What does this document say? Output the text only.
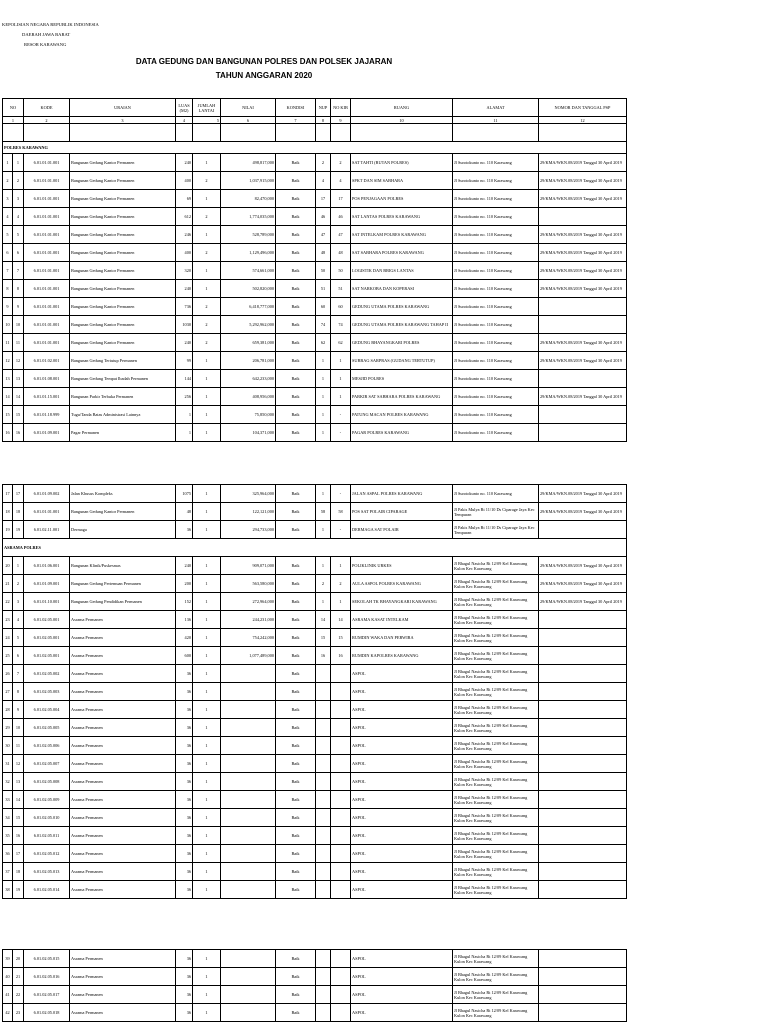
KEPOLISIAN NEGARA REPUBLIK INDONESIA
DAERAH JAWA BARAT
RESOR KARAWANG
DATA GEDUNG DAN BANGUNAN POLRES DAN POLSEK JAJARAN
TAHUN ANGGARAN 2020
NO		KODE	URAIAN	LUAS (M2)	JUMLAH LANTAI	NILAI	KONDISI	NUP	NO KIB	RUANG	ALAMAT	NOMOR DAN TANGGAL PSP
1		2	3	4	5	6	7	8	9	10	11	12

POLRES KARAWANG												
1	1	6.01.01.01.001	Bangunan Gedung Kantor Permanen	240	1	498,817,000	Baik	2	2	SAT TAHTI (RUTAN POLRES)	Jl Surotokunto no. 110 Karawang	29/KMA/WKN.08/2019 Tanggal 30 April 2019
2	2	6.01.01.01.001	Bangunan Gedung Kantor Permanen	400	2	1,037,915,000	Baik	4	4	SPKT DAN SIM SABHARA	Jl Surotokunto no. 110 Karawang	29/KMA/WKN.08/2019 Tanggal 30 April 2019
3	3	6.01.01.01.001	Bangunan Gedung Kantor Permanen	69	1	82,470,000	Baik	17	17	POS PENJAGAAN POLRES	Jl Surotokunto no. 110 Karawang	29/KMA/WKN.08/2019 Tanggal 30 April 2019
4	4	6.01.01.01.001	Bangunan Gedung Kantor Permanen	612	2	1,774,035,000	Baik	46	46	SAT LANTAS POLRES KARAWANG	Jl Surotokunto no. 110 Karawang	
5	5	6.01.01.01.001	Bangunan Gedung Kantor Permanen	246	1	528,789,000	Baik	47	47	SAT INTELKAM POLRES KARAWANG	Jl Surotokunto no. 110 Karawang	29/KMA/WKN.08/2019 Tanggal 30 April 2019
6	6	6.01.01.01.001	Bangunan Gedung Kantor Permanen	400	2	1,129,496,000	Baik	48	48	SAT SABHARA POLRES KARAWANG	Jl Surotokunto no. 110 Karawang	29/KMA/WKN.08/2019 Tanggal 30 April 2019
7	7	6.01.01.01.001	Bangunan Gedung Kantor Permanen	320	1	574,661,000	Baik	50	50	LOGISTIK DAN BRIGS LANTAS	Jl Surotokunto no. 110 Karawang	29/KMA/WKN.08/2019 Tanggal 30 April 2019
8	8	6.01.01.01.001	Bangunan Gedung Kantor Permanen	240	1	502,820,000	Baik	51	51	SAT NARKOBA DAN KOPERASI	Jl Surotokunto no. 110 Karawang	29/KMA/WKN.08/2019 Tanggal 30 April 2019
9	9	6.01.01.01.001	Bangunan Gedung Kantor Permanen	736	2	6,418,777,000	Baik	60	60	GEDUNG UTAMA POLRES KARAWANG	Jl Surotokunto no. 110 Karawang	
10	10	6.01.01.01.001	Bangunan Gedung Kantor Permanen	1030	2	5,292,962,000	Baik	74	74	GEDUNG UTAMA POLRES KARAWANG TAHAP II	Jl Surotokunto no. 110 Karawang	
11	11	6.01.01.01.001	Bangunan Gedung Kantor Permanen	240	2	659,381,000	Baik	62	62	GEDUNG BHAYANGKARI POLRES	Jl Surotokunto no. 110 Karawang	29/KMA/WKN.08/2019 Tanggal 30 April 2019
12	12	6.01.01.02.001	Bangunan Gedung Tertutup Permanen	99	1	206,781,000	Baik	1	1	SUBBAG SARPRAS (GUDANG TERTUTUP)	Jl Surotokunto no. 110 Karawang	29/KMA/WKN.08/2019 Tanggal 30 April 2019
13	13	6.01.01.08.001	Bangunan Gedung Tempat Ibadah Permanen	144	1	642,233,000	Baik	1	1	MESJID POLRES	Jl Surotokunto no. 110 Karawang	
14	14	6.01.01.15.001	Bangunan Parkir Terbuka Permanen	256	1	408,956,000	Baik	1	1	PARKIR SAT SABHARA POLRES KARAWANG	Jl Surotokunto no. 110 Karawang	29/KMA/WKN.08/2019 Tanggal 30 April 2019
15	15	6.01.01.18.999	Tugu/Tanda Batas Administrasi Lainnya	1	1	75,850,000	Baik	1	-	PATUNG MACAN POLRES KARAWANG	Jl Surotokunto no. 110 Karawang	
16	16	6.01.01.09.001	Pagar Permanen	1	1	104,371,000	Baik	1	-	PAGAR POLRES KARAWANG	Jl Surotokunto no. 110 Karawang	
17	17	6.01.01.09.002	Jalan Khusus Kompleks	1075	1	325,964,000	Baik	1	-	JALAN ASPAL POLRES KARAWANG	Jl Surotokunto no. 110 Karawang	29/KMA/WKN.08/2019 Tanggal 30 April 2019
18	18	6.01.01.01.001	Bangunan Gedung Kantor Permanen	48	1	122,121,000	Baik	58	58	POS SAT POLAIR CIPARAGE	Jl Pakis Mulya Rt 11/10 Ds Ciparage Jaya Kec Tempuran	29/KMA/WKN.08/2019 Tanggal 30 April 2019
19	19	6.01.02.11.001	Dermaga	36	1	294,733,000	Baik	1	-	DERMAGA SAT POLAIR	Jl Pakis Mulya Rt 11/10 Ds Ciparage Jaya Kec Tempuran	
ASRAMA POLRES												
20	1	6.01.01.06.001	Bangunan Klinik/Puskesmas	240	1	909,071,000	Baik	1	1	POLIKLINIK URKES	Jl Bhagul Nasicha Rt 12/09 Kel Karawang Kulon Kec Karawang	29/KMA/WKN.08/2019 Tanggal 30 April 2019
21	2	6.01.01.09.001	Bangunan Gedung Pertemuan Permanen	200	1	563,580,000	Baik	2	2	AULA ASPOL POLRES KARAWANG	Jl Bhagul Nasicha Rt 12/09 Kel Karawang Kulon Kec Karawang	29/KMA/WKN.08/2019 Tanggal 30 April 2019
22	3	6.01.01.10.001	Bangunan Gedung Pendidikan Permanen	152	1	272,964,000	Baik	1	1	SEKOLAH TK BHAYANGKARI KARAWANG	Jl Bhagul Nasicha Rt 12/09 Kel Karawang Kulon Kec Karawang	29/KMA/WKN.08/2019 Tanggal 30 April 2019
23	4	6.01.02.05.001	Asrama Permanen	136	1	244,231,000	Baik	14	14	ASRAMA KASAT INTELKAM	Jl Bhagul Nasicha Rt 12/09 Kel Karawang Kulon Kec Karawang	
24	5	6.01.02.05.001	Asrama Permanen	420	1	754,242,000	Baik	15	15	RUMDIN WAKA DAN PERWIRA	Jl Bhagul Nasicha Rt 12/09 Kel Karawang Kulon Kec Karawang	
25	6	6.01.02.05.001	Asrama Permanen	600	1	1,077,489,000	Baik	16	16	RUMDIN KAPOLRES KARAWANG	Jl Bhagul Nasicha Rt 12/09 Kel Karawang Kulon Kec Karawang	
26	7	6.01.02.05.002	Asrama Permanen	36	1		Baik			ASPOL	Jl Bhagul Nasicha Rt 12/09 Kel Karawang Kulon Kec Karawang	
27	8	6.01.02.05.003	Asrama Permanen	36	1		Baik			ASPOL	Jl Bhagul Nasicha Rt 12/09 Kel Karawang Kulon Kec Karawang	
28	9	6.01.02.05.004	Asrama Permanen	36	1		Baik			ASPOL	Jl Bhagul Nasicha Rt 12/09 Kel Karawang Kulon Kec Karawang	
29	10	6.01.02.05.005	Asrama Permanen	36	1		Baik			ASPOL	Jl Bhagul Nasicha Rt 12/09 Kel Karawang Kulon Kec Karawang	
30	11	6.01.02.05.006	Asrama Permanen	36	1		Baik			ASPOL	Jl Bhagul Nasicha Rt 12/09 Kel Karawang Kulon Kec Karawang	
31	12	6.01.02.05.007	Asrama Permanen	36	1		Baik			ASPOL	Jl Bhagul Nasicha Rt 12/09 Kel Karawang Kulon Kec Karawang	
32	13	6.01.02.05.008	Asrama Permanen	36	1		Baik			ASPOL	Jl Bhagul Nasicha Rt 12/09 Kel Karawang Kulon Kec Karawang	
33	14	6.01.02.05.009	Asrama Permanen	36	1		Baik			ASPOL	Jl Bhagul Nasicha Rt 12/09 Kel Karawang Kulon Kec Karawang	
34	15	6.01.02.05.010	Asrama Permanen	36	1		Baik			ASPOL	Jl Bhagul Nasicha Rt 12/09 Kel Karawang Kulon Kec Karawang	
35	16	6.01.02.05.011	Asrama Permanen	36	1		Baik			ASPOL	Jl Bhagul Nasicha Rt 12/09 Kel Karawang Kulon Kec Karawang	
36	17	6.01.02.05.012	Asrama Permanen	36	1		Baik			ASPOL	Jl Bhagul Nasicha Rt 12/09 Kel Karawang Kulon Kec Karawang	
37	18	6.01.02.05.013	Asrama Permanen	36	1		Baik			ASPOL	Jl Bhagul Nasicha Rt 12/09 Kel Karawang Kulon Kec Karawang	
38	19	6.01.02.05.014	Asrama Permanen	36	1		Baik			ASPOL	Jl Bhagul Nasicha Rt 12/09 Kel Karawang Kulon Kec Karawang	
39	20	6.01.02.05.015	Asrama Permanen	36	1		Baik			ASPOL	Jl Bhagul Nasicha Rt 12/09 Kel Karawang Kulon Kec Karawang	
40	21	6.01.02.05.016	Asrama Permanen	36	1		Baik			ASPOL	Jl Bhagul Nasicha Rt 12/09 Kel Karawang Kulon Kec Karawang	
41	22	6.01.02.05.017	Asrama Permanen	36	1		Baik			ASPOL	Jl Bhagul Nasicha Rt 12/09 Kel Karawang Kulon Kec Karawang	
42	23	6.01.02.05.018	Asrama Permanen	36	1		Baik			ASPOL	Jl Bhagul Nasicha Rt 12/09 Kel Karawang Kulon Kec Karawang	
